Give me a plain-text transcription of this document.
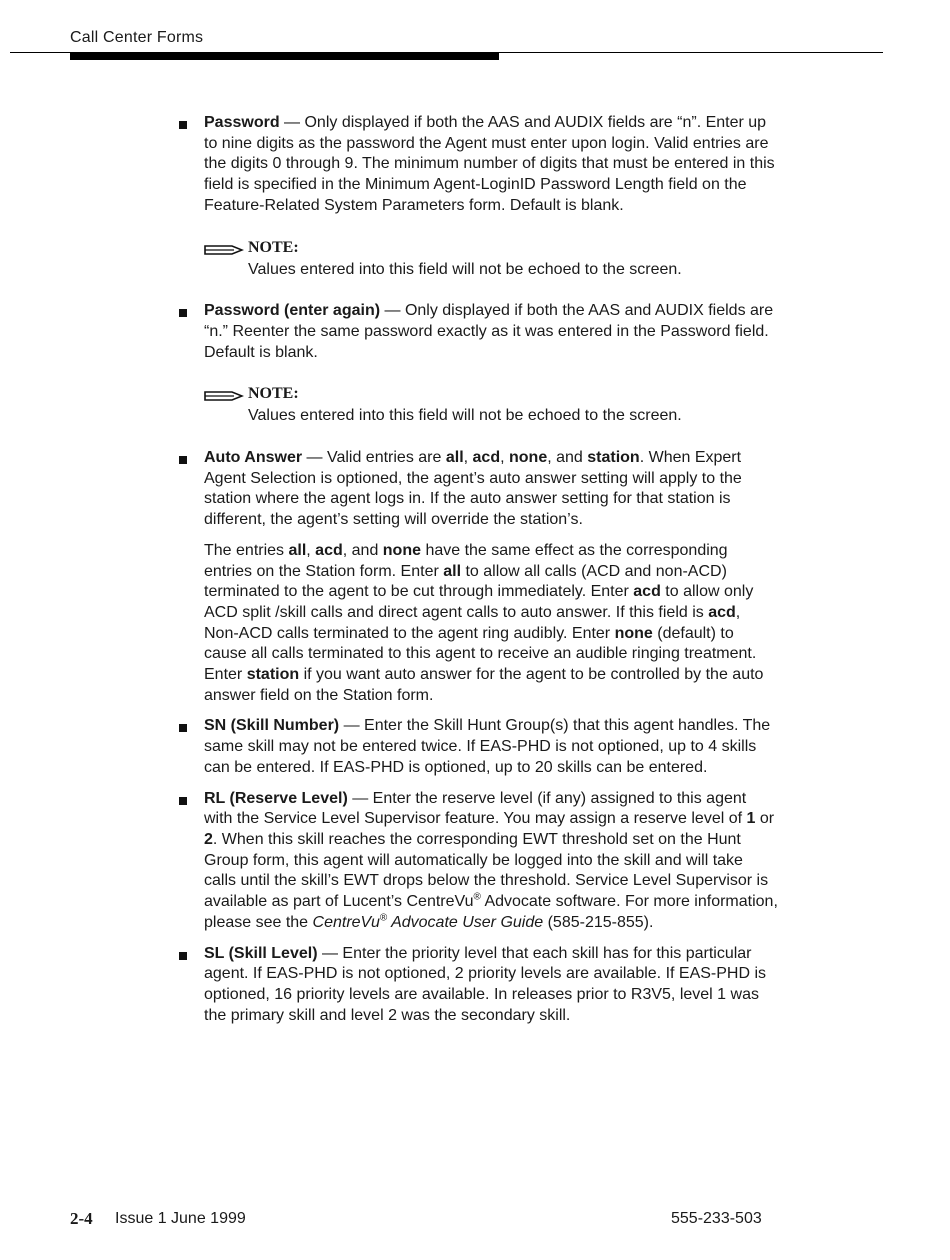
Call Center Forms

Password — Only displayed if both the AAS and AUDIX fields are “n”. Enter up to nine digits as the password the Agent must enter upon login. Valid entries are the digits 0 through 9. The minimum number of digits that must be entered in this field is specified in the Minimum Agent-LoginID Password Length field on the Feature-Related System Parameters form. Default is blank.

NOTE:
Values entered into this field will not be echoed to the screen.

Password (enter again) — Only displayed if both the AAS and AUDIX fields are “n.” Reenter the same password exactly as it was entered in the Password field. Default is blank.

NOTE:
Values entered into this field will not be echoed to the screen.

Auto Answer — Valid entries are all, acd, none, and station. When Expert Agent Selection is optioned, the agent’s auto answer setting will apply to the station where the agent logs in. If the auto answer setting for that station is different, the agent’s setting will override the station’s.

The entries all, acd, and none have the same effect as the corresponding entries on the Station form. Enter all to allow all calls (ACD and non-ACD) terminated to the agent to be cut through immediately. Enter acd to allow only ACD split /skill calls and direct agent calls to auto answer. If this field is acd, Non-ACD calls terminated to the agent ring audibly. Enter none (default) to cause all calls terminated to this agent to receive an audible ringing treatment. Enter station if you want auto answer for the agent to be controlled by the auto answer field on the Station form.

SN (Skill Number) — Enter the Skill Hunt Group(s) that this agent handles. The same skill may not be entered twice. If EAS-PHD is not optioned, up to 4 skills can be entered. If EAS-PHD is optioned, up to 20 skills can be entered.

RL (Reserve Level) — Enter the reserve level (if any) assigned to this agent with the Service Level Supervisor feature. You may assign a reserve level of 1 or 2. When this skill reaches the corresponding EWT threshold set on the Hunt Group form, this agent will automatically be logged into the skill and will take calls until the skill’s EWT drops below the threshold. Service Level Supervisor is available as part of Lucent’s CentreVu® Advocate software. For more information, please see the CentreVu® Advocate User Guide (585-215-855).

SL (Skill Level) — Enter the priority level that each skill has for this particular agent. If EAS-PHD is not optioned, 2 priority levels are available. If EAS-PHD is optioned, 16 priority levels are available. In releases prior to R3V5, level 1 was the primary skill and level 2 was the secondary skill.

2-4 Issue 1 June 1999	555-233-503
